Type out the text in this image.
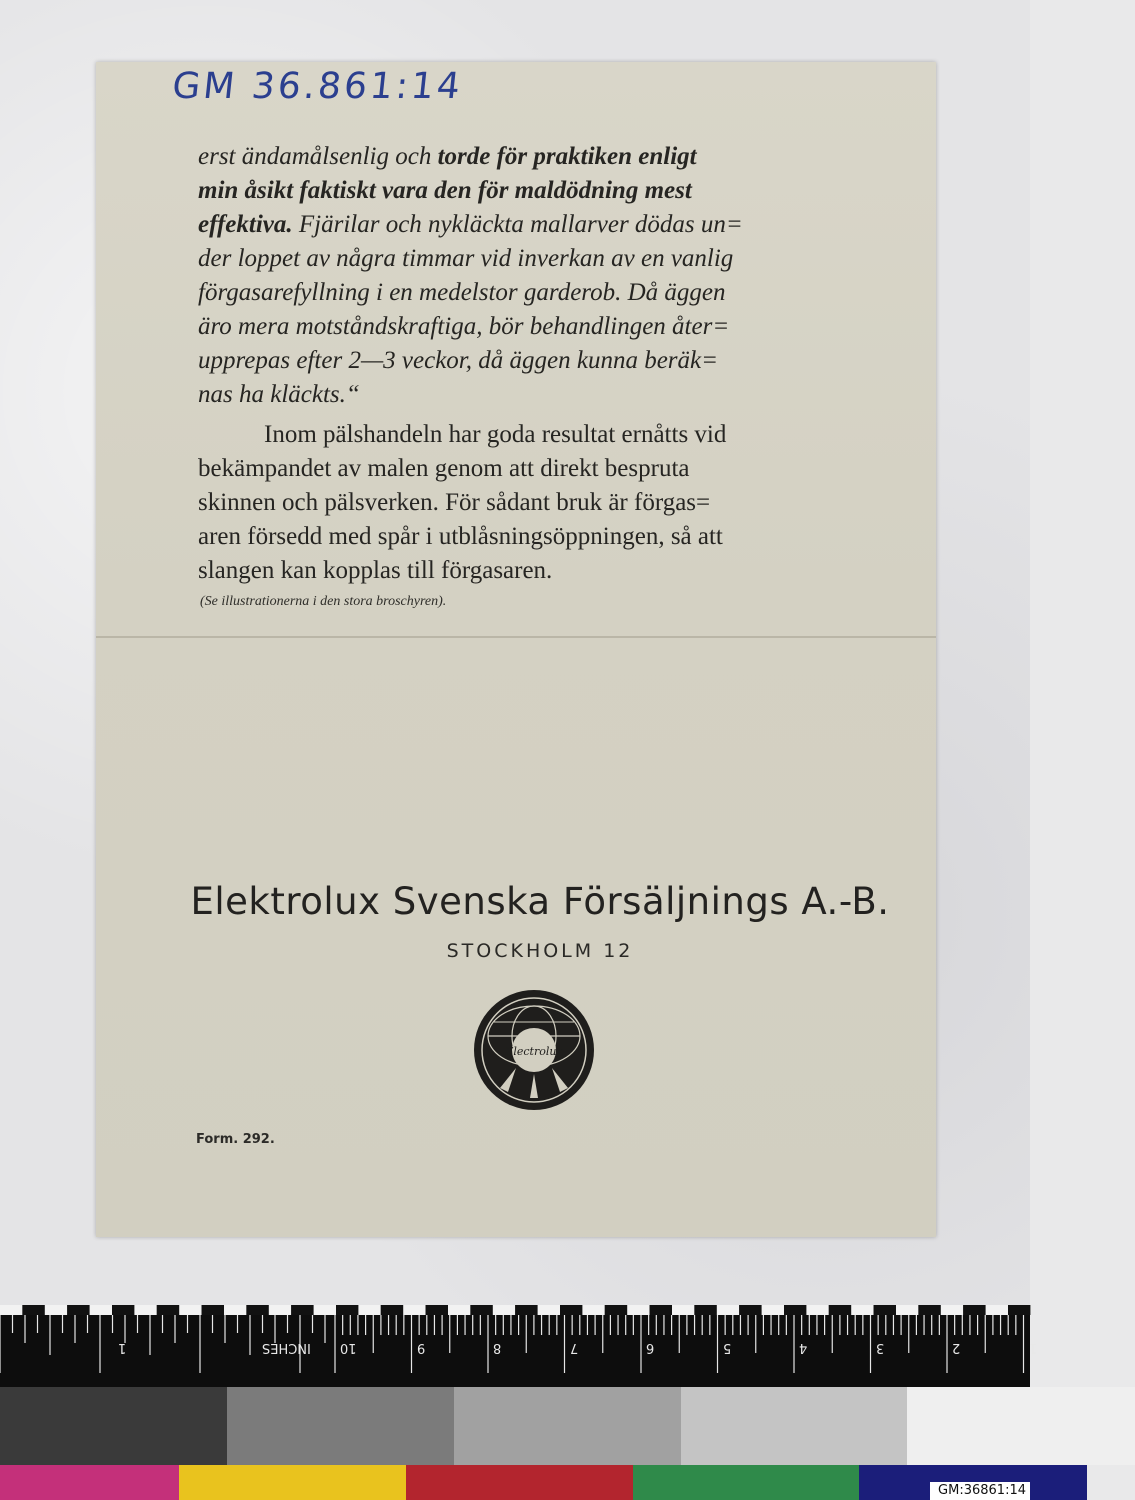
GM 36.861:14
erst ändamålsenlig och torde för praktiken enligt
min åsikt faktiskt vara den för maldödning mest
effektiva. Fjärilar och nykläckta mallarver dödas un=
der loppet av några timmar vid inverkan av en vanlig
förgasarefyllning i en medelstor garderob. Då äggen
äro mera motståndskraftiga, bör behandlingen åter=
upprepas efter 2—3 veckor, då äggen kunna beräk=
nas ha kläckts.“
Inom pälshandeln har goda resultat ernåtts vid
bekämpandet av malen genom att direkt bespruta
skinnen och pälsverken. För sådant bruk är förgas=
aren försedd med spår i utblåsningsöppningen, så att
slangen kan kopplas till förgasaren.
(Se illustrationerna i den stora broschyren).
Elektrolux Svenska Försäljnings A.-B.
STOCKHOLM 12
Electrolux
Form. 292.
INCHES
1	10	9	8	7	6	5	4	3	2	1
GM:36861:14
